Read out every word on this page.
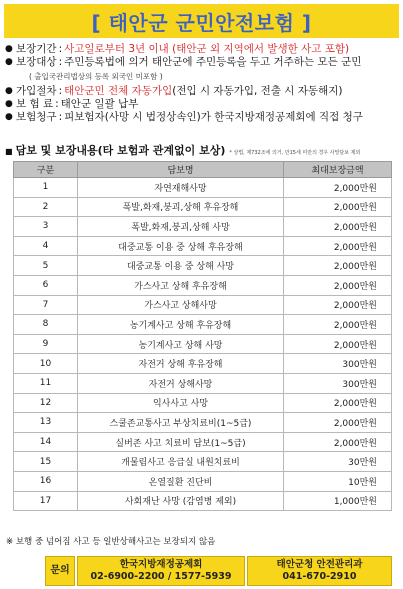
[ 태안군 군민안전보험 ]
● 보장기간 : 사고일로부터 3년 이내 (태안군 외 지역에서 발생한 사고 포함)
● 보장대상 : 주민등록법에 의거 태안군에 주민등록을 두고 거주하는 모든 군민
( 출입국관리법상의 등록 외국인 미포함 )
● 가입절차 : 태안군민 전체 자동가입 (전입 시 자동가입, 전출 시 자동해지)
● 보 험 료 : 태안군 일괄 납부
● 보험청구 : 피보험자(사망 시 법정상속인)가 한국지방재정공제회에 직접 청구
■ 담보 및 보장내용(타 보험과 관계없이 보상) * 상법, 제732조에 의거, 만15세 미만의 경우 사망담보 제외
구분	담보명	최대보장금액
1	자연재해사망	2,000만원
2	폭발,화재,붕괴,상해 후유장해	2,000만원
3	폭발,화재,붕괴,상해 사망	2,000만원
4	대중교통 이용 중 상해 후유장해	2,000만원
5	대중교통 이용 중 상해 사망	2,000만원
6	가스사고 상해 후유장해	2,000만원
7	가스사고 상해사망	2,000만원
8	농기계사고 상해 후유장해	2,000만원
9	농기계사고 상해 사망	2,000만원
10	자전거 상해 후유장해	300만원
11	자전거 상해사망	300만원
12	익사사고 사망	2,000만원
13	스쿨존교통사고 부상치료비(1~5급)	2,000만원
14	실버존 사고 치료비 담보(1~5급)	2,000만원
15	개물림사고 응급실 내원치료비	30만원
16	온열질환 진단비	10만원
17	사회재난 사망 (감염병 제외)	1,000만원
※ 보행 중 넘어짐 사고 등 일반상해사고는 보장되지 않음
문의
한국지방재정공제회
02-6900-2200 / 1577-5939
태안군청 안전관리과
041-670-2910
